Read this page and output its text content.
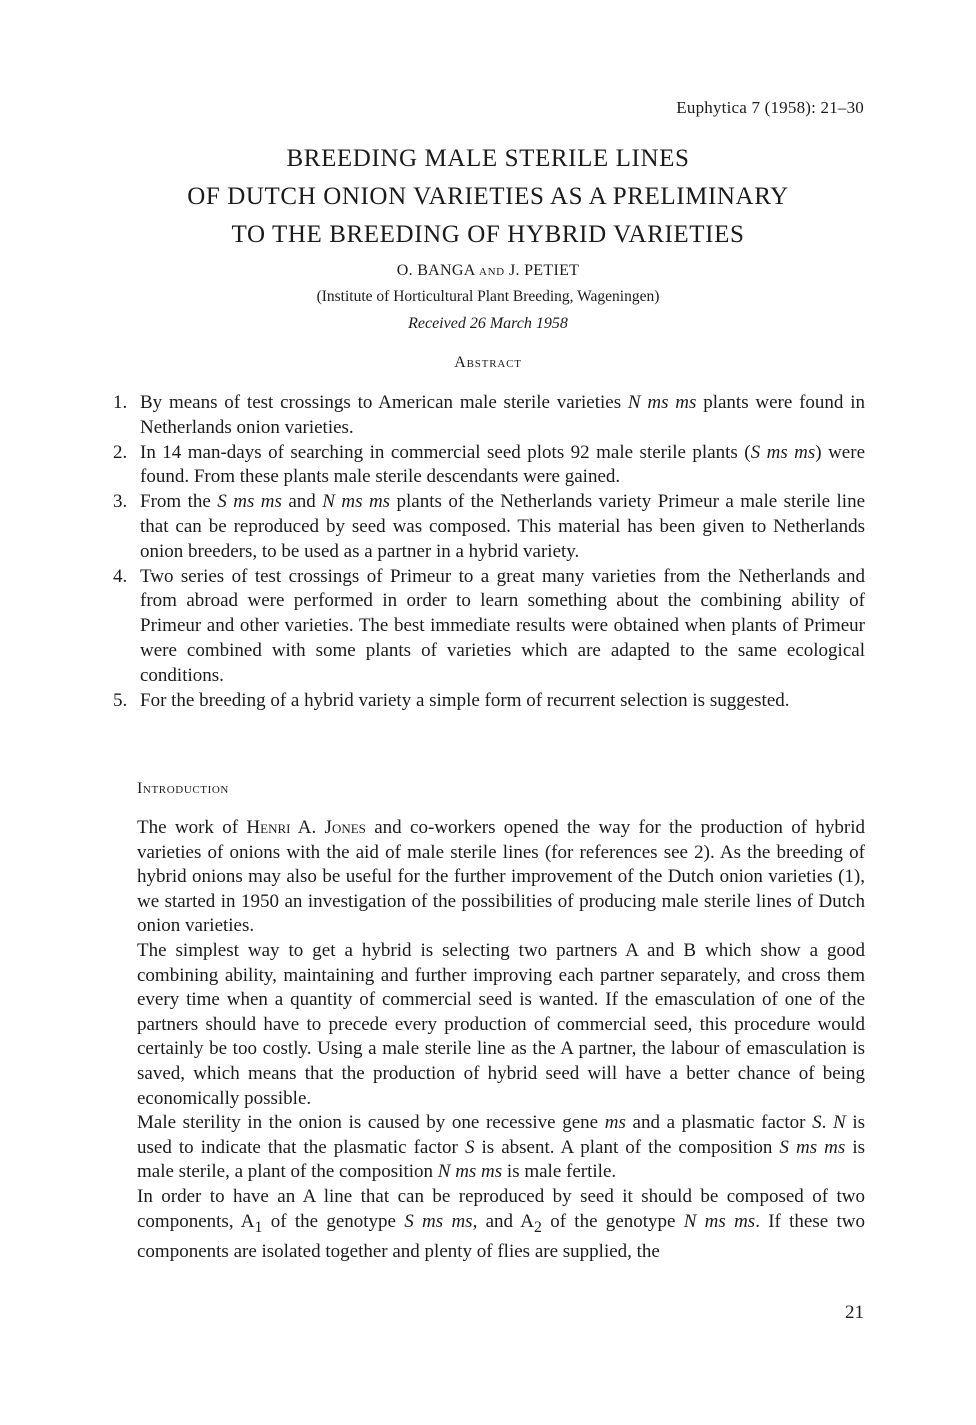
Euphytica 7 (1958): 21–30
BREEDING MALE STERILE LINES
OF DUTCH ONION VARIETIES AS A PRELIMINARY
TO THE BREEDING OF HYBRID VARIETIES
O. BANGA AND J. PETIET
(Institute of Horticultural Plant Breeding, Wageningen)
Received 26 March 1958
Abstract
1. By means of test crossings to American male sterile varieties N ms ms plants were found in Netherlands onion varieties.
2. In 14 man-days of searching in commercial seed plots 92 male sterile plants (S ms ms) were found. From these plants male sterile descendants were gained.
3. From the S ms ms and N ms ms plants of the Netherlands variety Primeur a male sterile line that can be reproduced by seed was composed. This material has been given to Netherlands onion breeders, to be used as a partner in a hybrid variety.
4. Two series of test crossings of Primeur to a great many varieties from the Netherlands and from abroad were performed in order to learn something about the combining ability of Primeur and other varieties. The best immediate results were obtained when plants of Primeur were combined with some plants of varieties which are adapted to the same ecological conditions.
5. For the breeding of a hybrid variety a simple form of recurrent selection is suggested.
Introduction

The work of Henri A. Jones and co-workers opened the way for the production of hybrid varieties of onions with the aid of male sterile lines (for references see 2). As the breeding of hybrid onions may also be useful for the further improvement of the Dutch onion varieties (1), we started in 1950 an investigation of the possibilities of producing male sterile lines of Dutch onion varieties.

The simplest way to get a hybrid is selecting two partners A and B which show a good combining ability, maintaining and further improving each partner separately, and cross them every time when a quantity of commercial seed is wanted. If the emasculation of one of the partners should have to precede every production of commercial seed, this procedure would certainly be too costly. Using a male sterile line as the A partner, the labour of emasculation is saved, which means that the production of hybrid seed will have a better chance of being economically possible.

Male sterility in the onion is caused by one recessive gene ms and a plasmatic factor S. N is used to indicate that the plasmatic factor S is absent. A plant of the composition S ms ms is male sterile, a plant of the composition N ms ms is male fertile.

In order to have an A line that can be reproduced by seed it should be composed of two components, $A_1$ of the genotype S ms ms, and $A_2$ of the genotype N ms ms. If these two components are isolated together and plenty of flies are supplied, the

21
